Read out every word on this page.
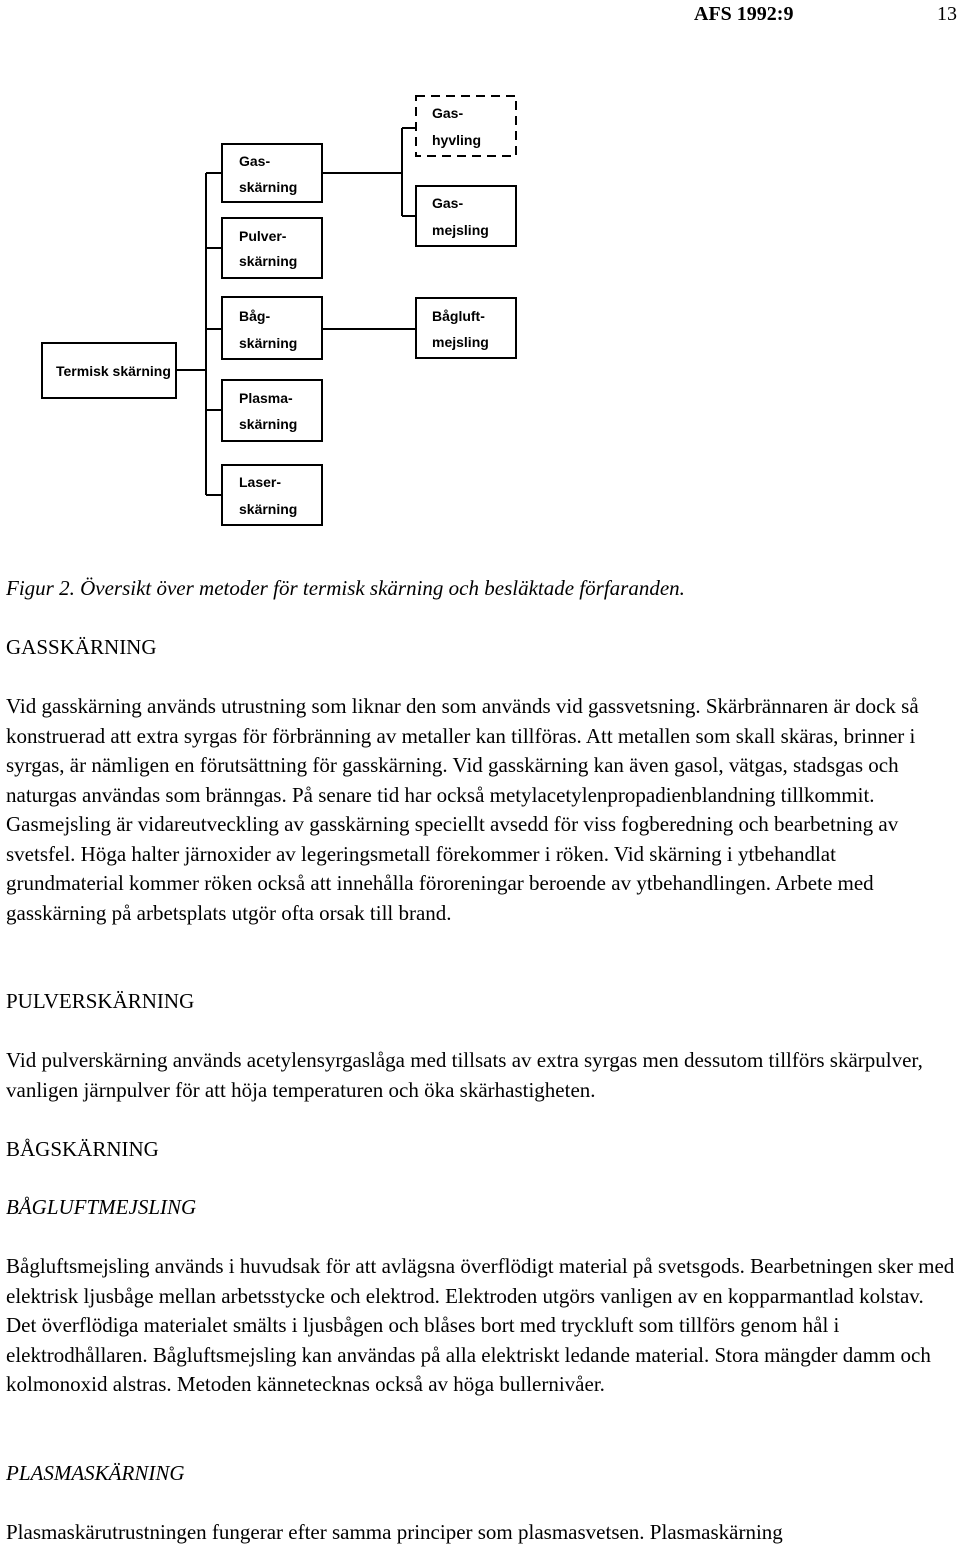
AFS 1992:9	13
Termisk skärning
Gas-
skärning
Pulver-
skärning
Båg-
skärning
Plasma-
skärning
Laser-
skärning
Gas-
hyvling
Gas-
mejsling
Bågluft-
mejsling

Figur 2. Översikt över metoder för termisk skärning och besläktade förfaranden.

GASSKÄRNING

Vid gasskärning används utrustning som liknar den som används vid gassvetsning. Skärbrännaren är dock så konstruerad att extra syrgas för förbränning av metaller kan tillföras. Att metallen som skall skäras, brinner i syrgas, är nämligen en förutsättning för gasskärning. Vid gasskärning kan även gasol, vätgas, stadsgas och naturgas användas som bränngas. På senare tid har också metylacetylenpropadienblandning tillkommit. Gasmejsling är vidareutveckling av gasskärning speciellt avsedd för viss fogberedning och bearbetning av svetsfel. Höga halter järnoxider av legeringsmetall förekommer i röken. Vid skärning i ytbehandlat grundmaterial kommer röken också att innehålla föroreningar beroende av ytbehandlingen. Arbete med gasskärning på arbetsplats utgör ofta orsak till brand.

PULVERSKÄRNING

Vid pulverskärning används acetylensyrgaslåga med tillsats av extra syrgas men dessutom tillförs skärpulver, vanligen järnpulver för att höja temperaturen och öka skärhastigheten.

BÅGSKÄRNING

BÅGLUFTMEJSLING

Bågluftsmejsling används i huvudsak för att avlägsna överflödigt material på svetsgods. Bearbetningen sker med elektrisk ljusbåge mellan arbetsstycke och elektrod. Elektroden utgörs vanligen av en kopparmantlad kolstav. Det överflödiga materialet smälts i ljusbågen och blåses bort med tryckluft som tillförs genom hål i elektrodhållaren. Bågluftsmejsling kan användas på alla elektriskt ledande material. Stora mängder damm och kolmonoxid alstras. Metoden kännetecknas också av höga bullernivåer.

PLASMASKÄRNING

Plasmaskärutrustningen fungerar efter samma principer som plasmasvetsen. Plasmaskärning
